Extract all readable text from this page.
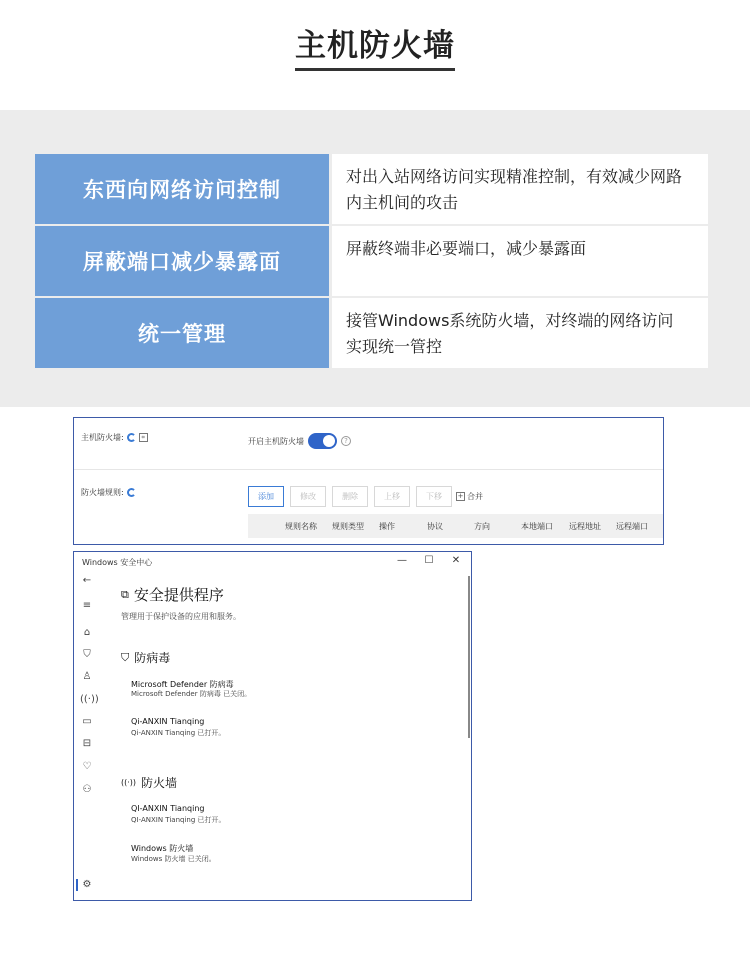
主机防火墙
东西向网络访问控制
对出入站网络访问实现精准控制，有效减少网路内主机间的攻击
屏蔽端口减少暴露面
屏蔽终端非必要端口，减少暴露面
统一管理
接管Windows系统防火墙，对终端的网络访问实现统一管控
主机防火墙:	⌗	开启主机防火墙	?
防火墙规则:	添加	修改	删除	上移	下移	+ 合并
规则名称	规则类型	操作	协议	方向	本地端口	远程地址	远程端口
Windows 安全中心	— ☐ ✕
←
≡
⌂
⛉
♙
((·))
▭
⊟
♡
⚇
⚙
⧉ 安全提供程序
管理用于保护设备的应用和服务。
⛉ 防病毒
Microsoft Defender 防病毒
Microsoft Defender 防病毒 已关闭。
Qi-ANXIN Tianqing
Qi-ANXIN Tianqing 已打开。
((·)) 防火墙
QI-ANXIN Tianqing
QI-ANXIN Tianqing 已打开。
Windows 防火墙
Windows 防火墙 已关闭。
